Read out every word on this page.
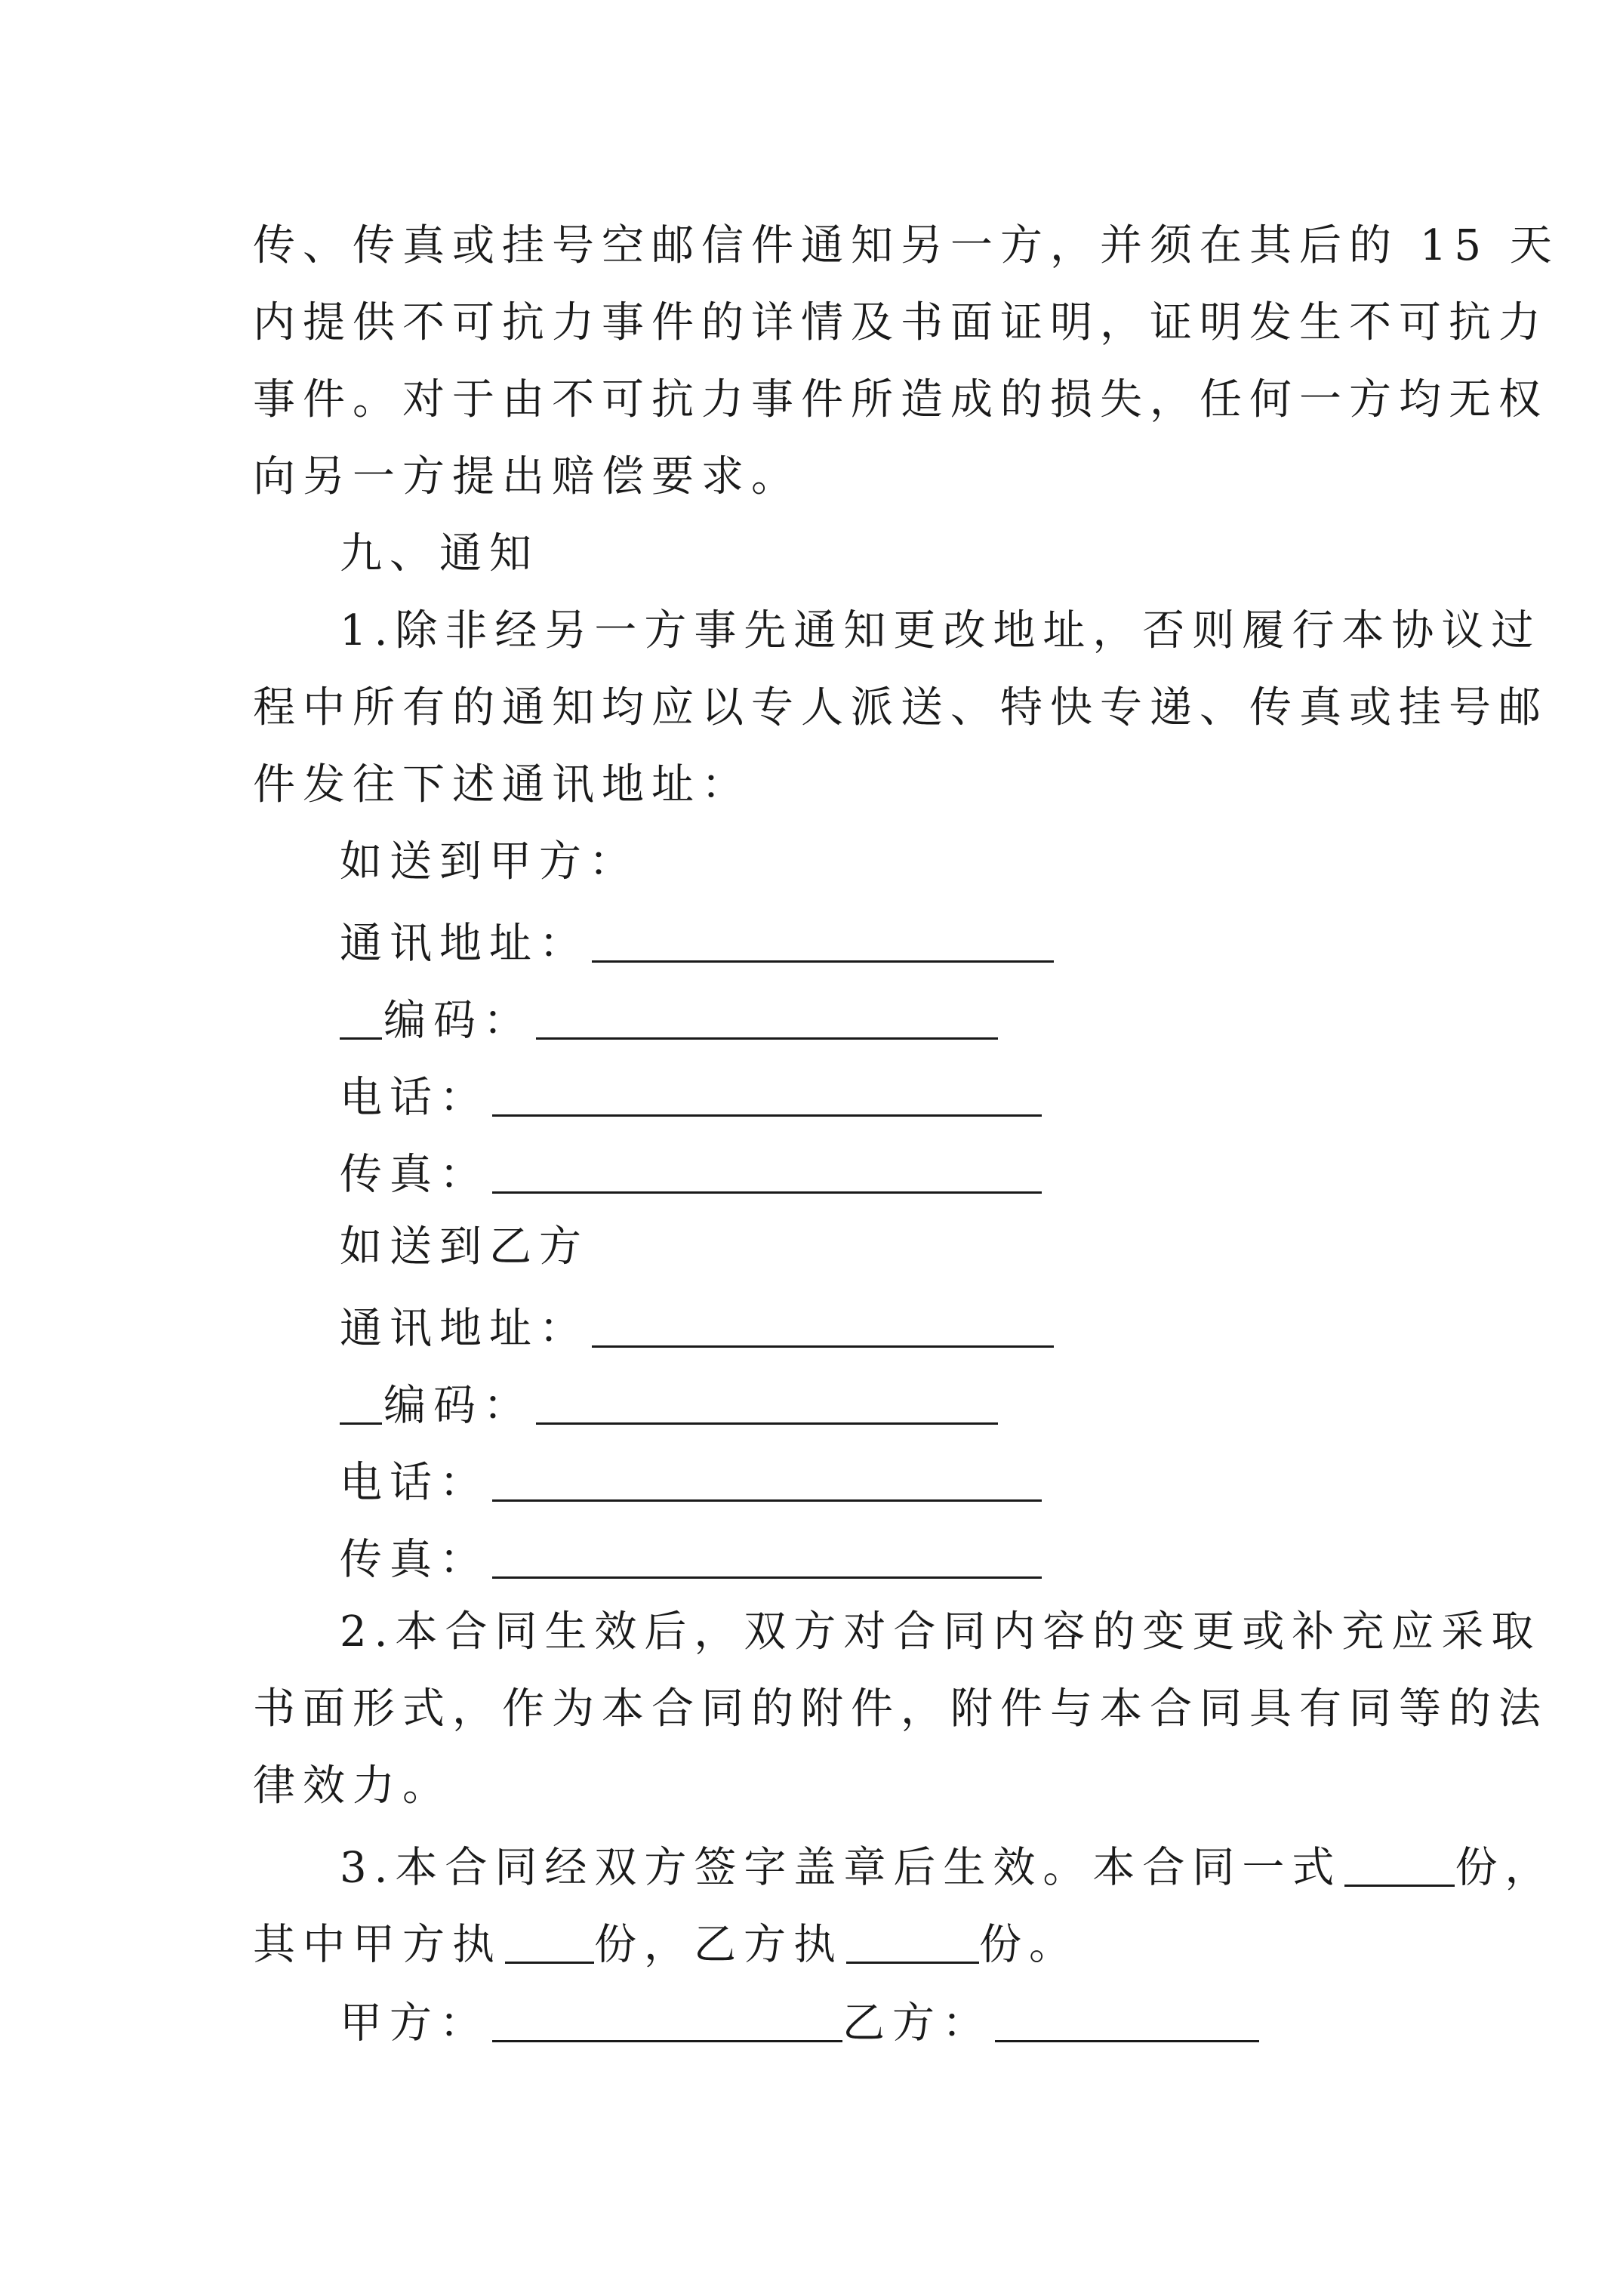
传、传真或挂号空邮信件通知另一方，并须在其后的 15 天
内提供不可抗力事件的详情及书面证明，证明发生不可抗力
事件。对于由不可抗力事件所造成的损失，任何一方均无权
向另一方提出赔偿要求。
九、通知
1.除非经另一方事先通知更改地址，否则履行本协议过
程中所有的通知均应以专人派送、特快专递、传真或挂号邮
件发往下述通讯地址：
如送到甲方：
通讯地址：
编码：
电话：
传真：
如送到乙方
通讯地址：
编码：
电话：
传真：
2.本合同生效后，双方对合同内容的变更或补充应采取
书面形式，作为本合同的附件，附件与本合同具有同等的法
律效力。
3.本合同经双方签字盖章后生效。本合同一式	份，
其中甲方执 份，乙方执	份。
甲方：	乙方：
